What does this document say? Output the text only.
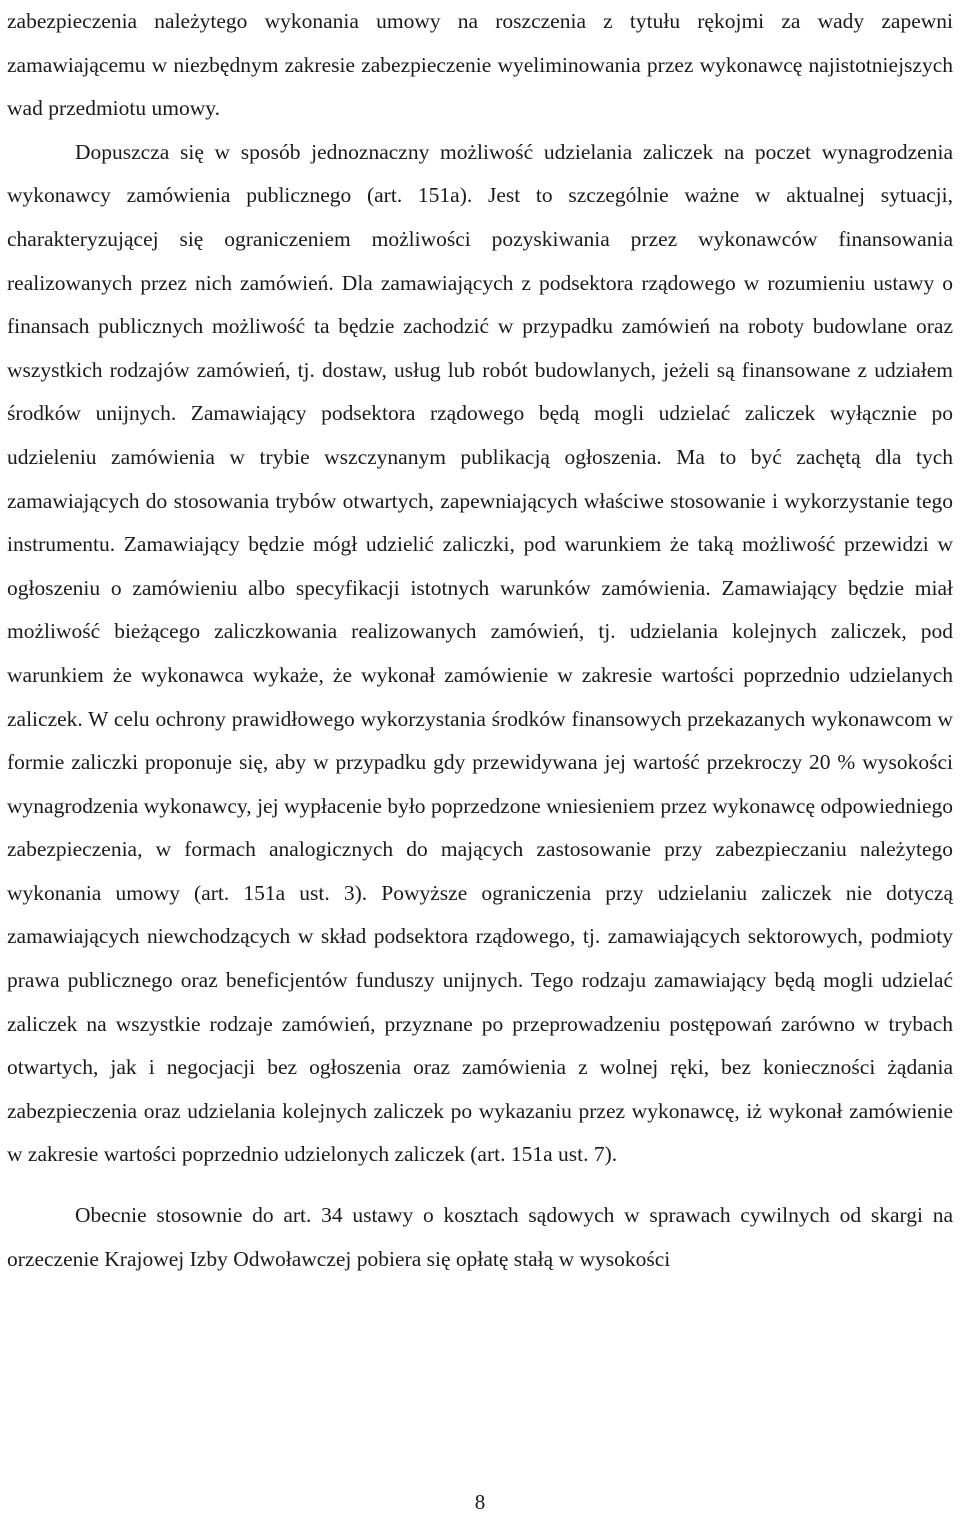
zabezpieczenia należytego wykonania umowy na roszczenia z tytułu rękojmi za wady zapewni zamawiającemu w niezbędnym zakresie zabezpieczenie wyeliminowania przez wykonawcę najistotniejszych wad przedmiotu umowy.

Dopuszcza się w sposób jednoznaczny możliwość udzielania zaliczek na poczet wynagrodzenia wykonawcy zamówienia publicznego (art. 151a). Jest to szczególnie ważne w aktualnej sytuacji, charakteryzującej się ograniczeniem możliwości pozyskiwania przez wykonawców finansowania realizowanych przez nich zamówień. Dla zamawiających z podsektora rządowego w rozumieniu ustawy o finansach publicznych możliwość ta będzie zachodzić w przypadku zamówień na roboty budowlane oraz wszystkich rodzajów zamówień, tj. dostaw, usług lub robót budowlanych, jeżeli są finansowane z udziałem środków unijnych. Zamawiający podsektora rządowego będą mogli udzielać zaliczek wyłącznie po udzieleniu zamówienia w trybie wszczynanym publikacją ogłoszenia. Ma to być zachętą dla tych zamawiających do stosowania trybów otwartych, zapewniających właściwe stosowanie i wykorzystanie tego instrumentu. Zamawiający będzie mógł udzielić zaliczki, pod warunkiem że taką możliwość przewidzi w ogłoszeniu o zamówieniu albo specyfikacji istotnych warunków zamówienia. Zamawiający będzie miał możliwość bieżącego zaliczkowania realizowanych zamówień, tj. udzielania kolejnych zaliczek, pod warunkiem że wykonawca wykaże, że wykonał zamówienie w zakresie wartości poprzednio udzielanych zaliczek. W celu ochrony prawidłowego wykorzystania środków finansowych przekazanych wykonawcom w formie zaliczki proponuje się, aby w przypadku gdy przewidywana jej wartość przekroczy 20 % wysokości wynagrodzenia wykonawcy, jej wypłacenie było poprzedzone wniesieniem przez wykonawcę odpowiedniego zabezpieczenia, w formach analogicznych do mających zastosowanie przy zabezpieczaniu należytego wykonania umowy (art. 151a ust. 3). Powyższe ograniczenia przy udzielaniu zaliczek nie dotyczą zamawiających niewchodzących w skład podsektora rządowego, tj. zamawiających sektorowych, podmioty prawa publicznego oraz beneficjentów funduszy unijnych. Tego rodzaju zamawiający będą mogli udzielać zaliczek na wszystkie rodzaje zamówień, przyznane po przeprowadzeniu postępowań zarówno w trybach otwartych, jak i negocjacji bez ogłoszenia oraz zamówienia z wolnej ręki, bez konieczności żądania zabezpieczenia oraz udzielania kolejnych zaliczek po wykazaniu przez wykonawcę, iż wykonał zamówienie w zakresie wartości poprzednio udzielonych zaliczek (art. 151a ust. 7).

Obecnie stosownie do art. 34 ustawy o kosztach sądowych w sprawach cywilnych od skargi na orzeczenie Krajowej Izby Odwoławczej pobiera się opłatę stałą w wysokości

8
